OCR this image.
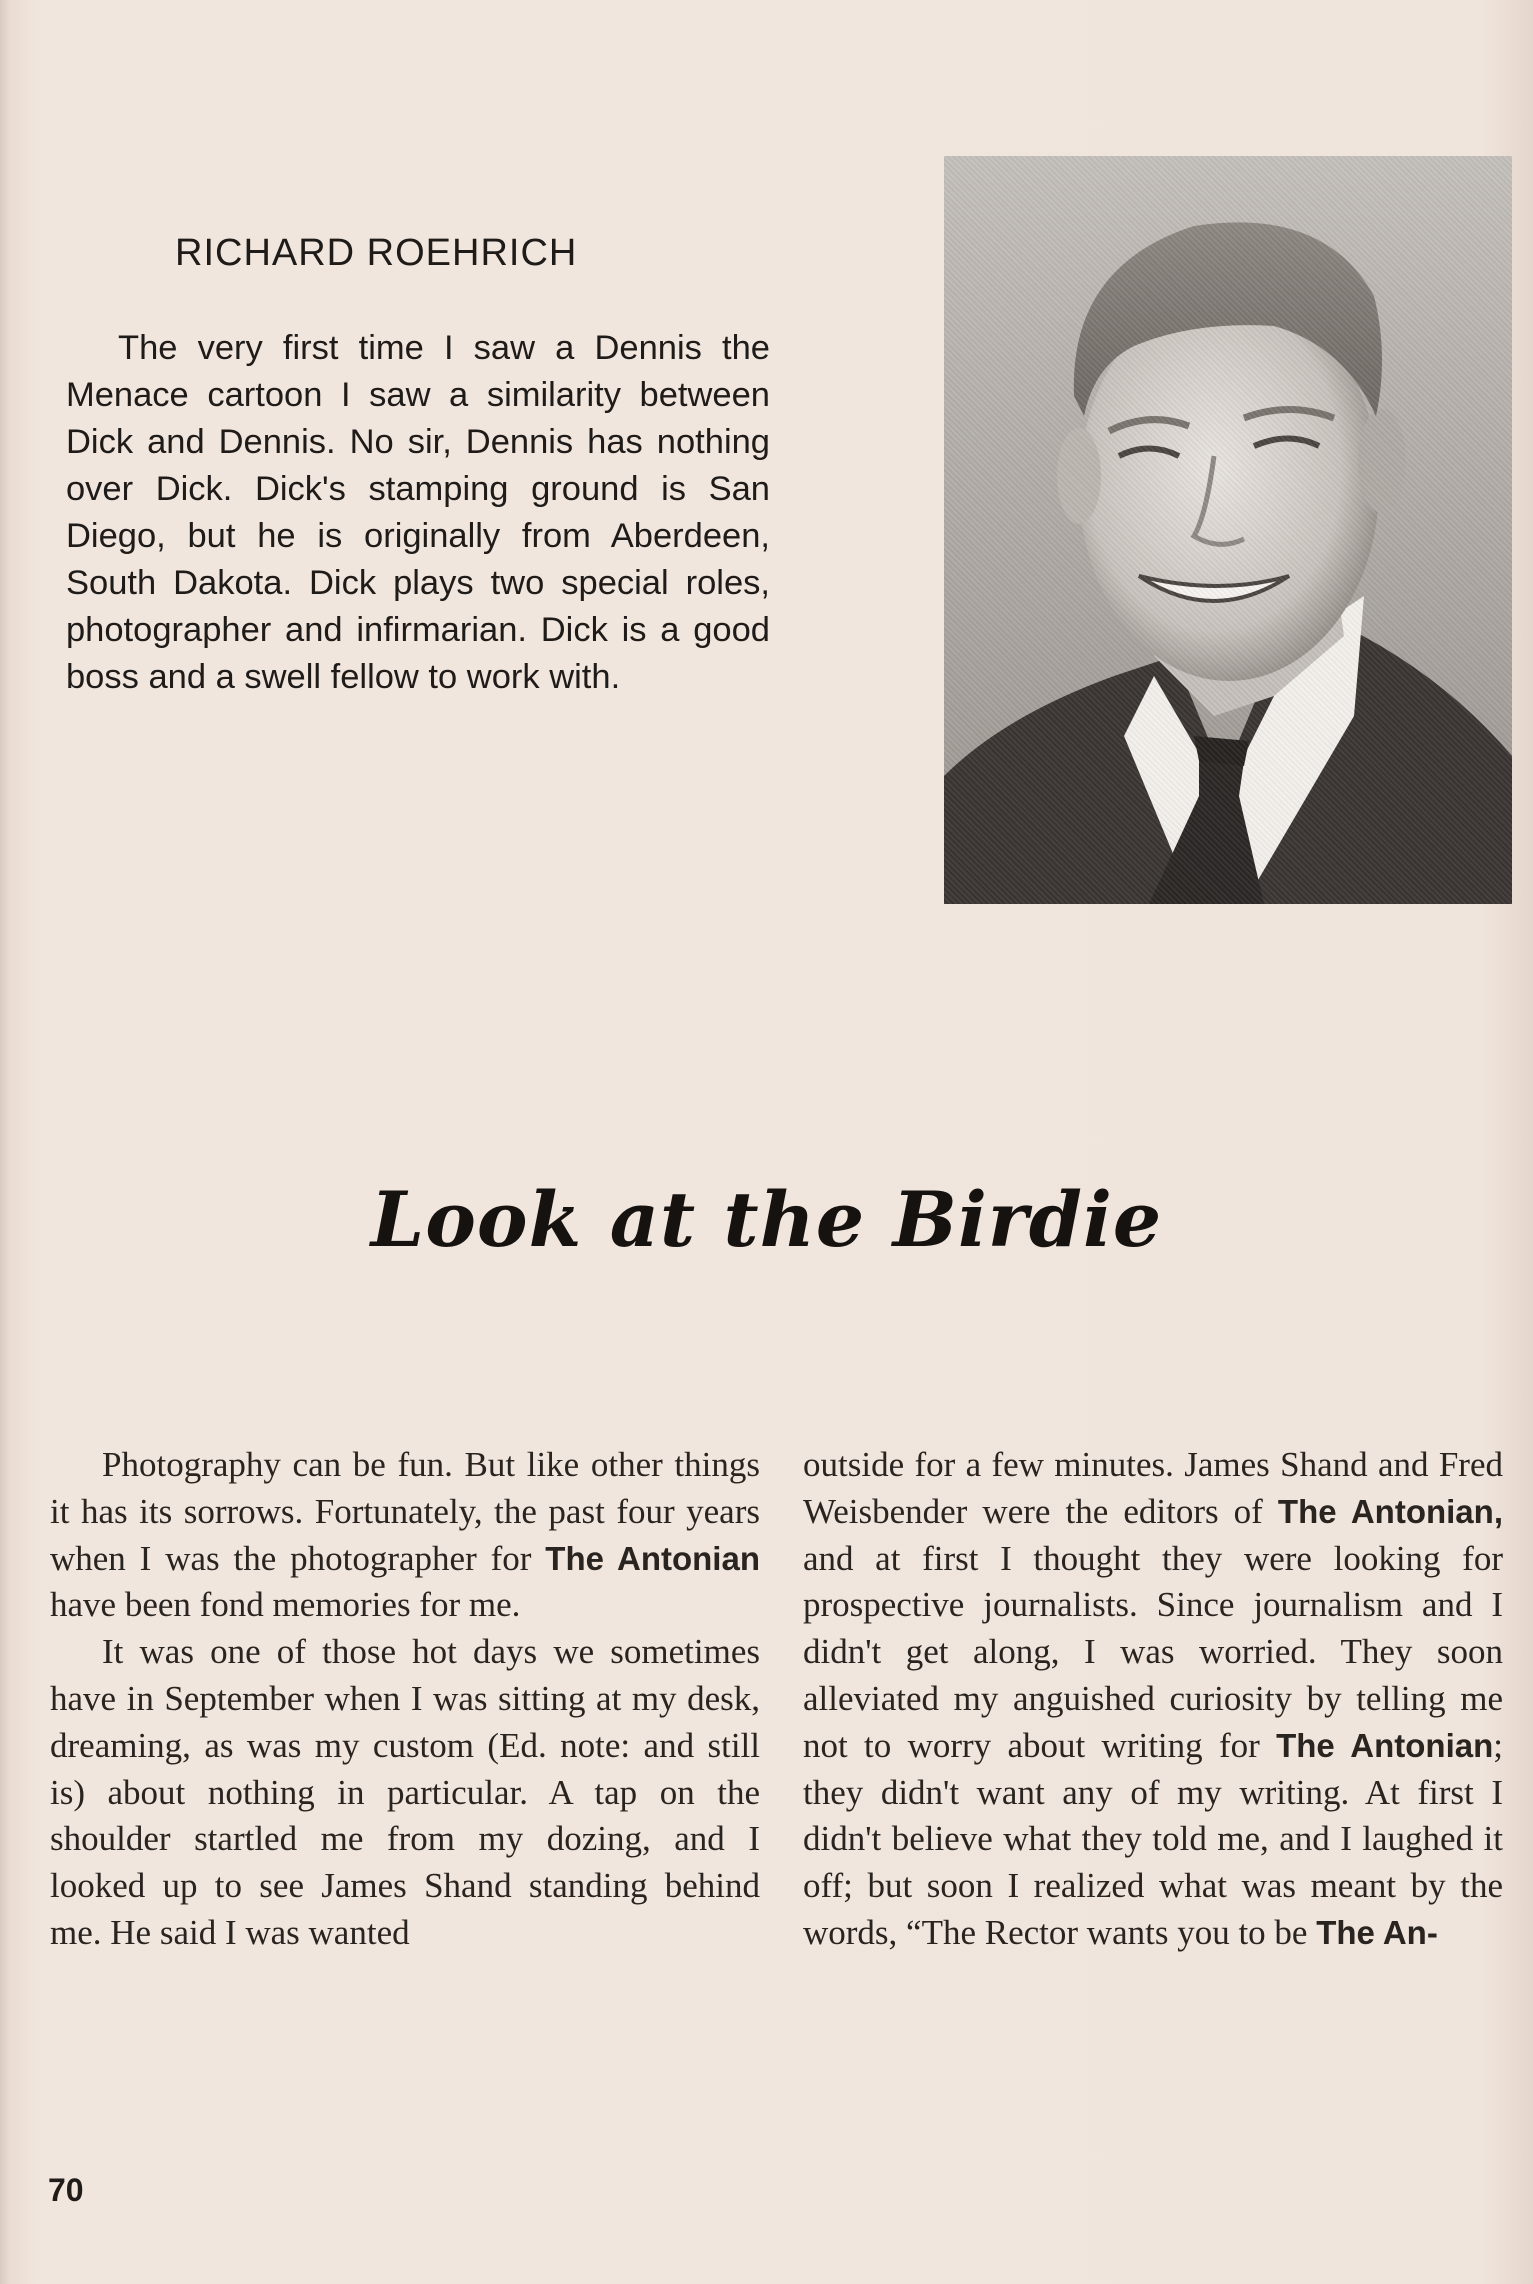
RICHARD ROEHRICH

The very first time I saw a Dennis the Menace cartoon I saw a similarity between Dick and Dennis. No sir, Dennis has nothing over Dick. Dick's stamping ground is San Diego, but he is originally from Aberdeen, South Dakota. Dick plays two special roles, photographer and infirmarian. Dick is a good boss and a swell fellow to work with.

Look at the Birdie

Photography can be fun. But like other things it has its sorrows. Fortunately, the past four years when I was the photographer for The Antonian have been fond memories for me.

It was one of those hot days we sometimes have in September when I was sitting at my desk, dreaming, as was my custom (Ed. note: and still is) about nothing in particular. A tap on the shoulder startled me from my dozing, and I looked up to see James Shand standing behind me. He said I was wanted

outside for a few minutes. James Shand and Fred Weisbender were the editors of The Antonian, and at first I thought they were looking for prospective journalists. Since journalism and I didn't get along, I was worried. They soon alleviated my anguished curiosity by telling me not to worry about writing for The Antonian; they didn't want any of my writing. At first I didn't believe what they told me, and I laughed it off; but soon I realized what was meant by the words, “The Rector wants you to be The An-

70
